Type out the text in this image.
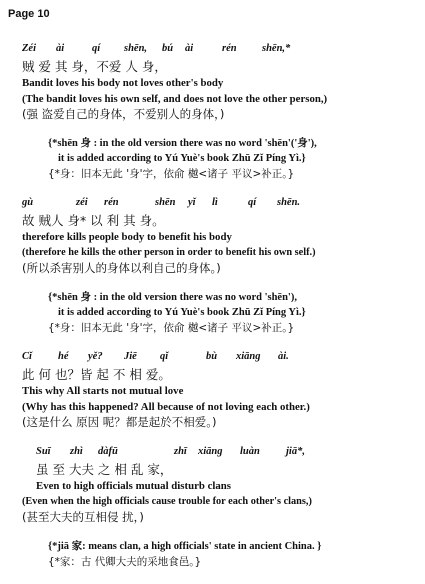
Page 10
Zéi ài	qí shēn, bú ài	rén shēn,*
贼 爱 其 身，不爱 人 身，
Bandit loves his body not loves other's body
(The bandit loves his own self, and does not love the other person,)
(强 盗爱自己的身体，不爱别人的身体，)
{*shēn 身 : in the old version there was no word 'shēn'('身'),
it is added according to Yú Yuè's book Zhū Zǐ Píng Yì.}
{*身：旧本无此 '身'字，依俞 樾<诸子 平议>补正。}
gù	zéi rén	shēn yǐ lì	qí shēn.
故 贼人 身* 以 利 其 身。
therefore kills people body to benefit his body
(therefore he kills the other person in order to benefit his own self.)
(所以杀害别人的身体以利自己的身体。)
{*shēn 身 : in the old version there was no word 'shēn'),
it is added according to Yú Yuè's book Zhū Zǐ Píng Yì.}
{*身：旧本无此 '身'字，依俞 樾<诸子 平议>补正。}
Cǐ hé yě? Jiē qǐ	bù xiāng ài.
此 何 也？皆 起 不 相 爱。
This why All starts not mutual love
(Why has this happened? All because of not loving each other.)
(这是什么 原因 呢？都是起於不相爱。)
Suī zhì dàfū	zhī xiāng luàn jiā*,
虽 至 大夫 之 相 乱 家，
Even to high officials mutual disturb clans
(Even when the high officials cause trouble for each other's clans,)
(甚至大夫的互相侵 扰，)
{*jiā 家: means clan, a high officials' state in ancient China. }
{*家：古 代卿大夫的采地食邑。}
